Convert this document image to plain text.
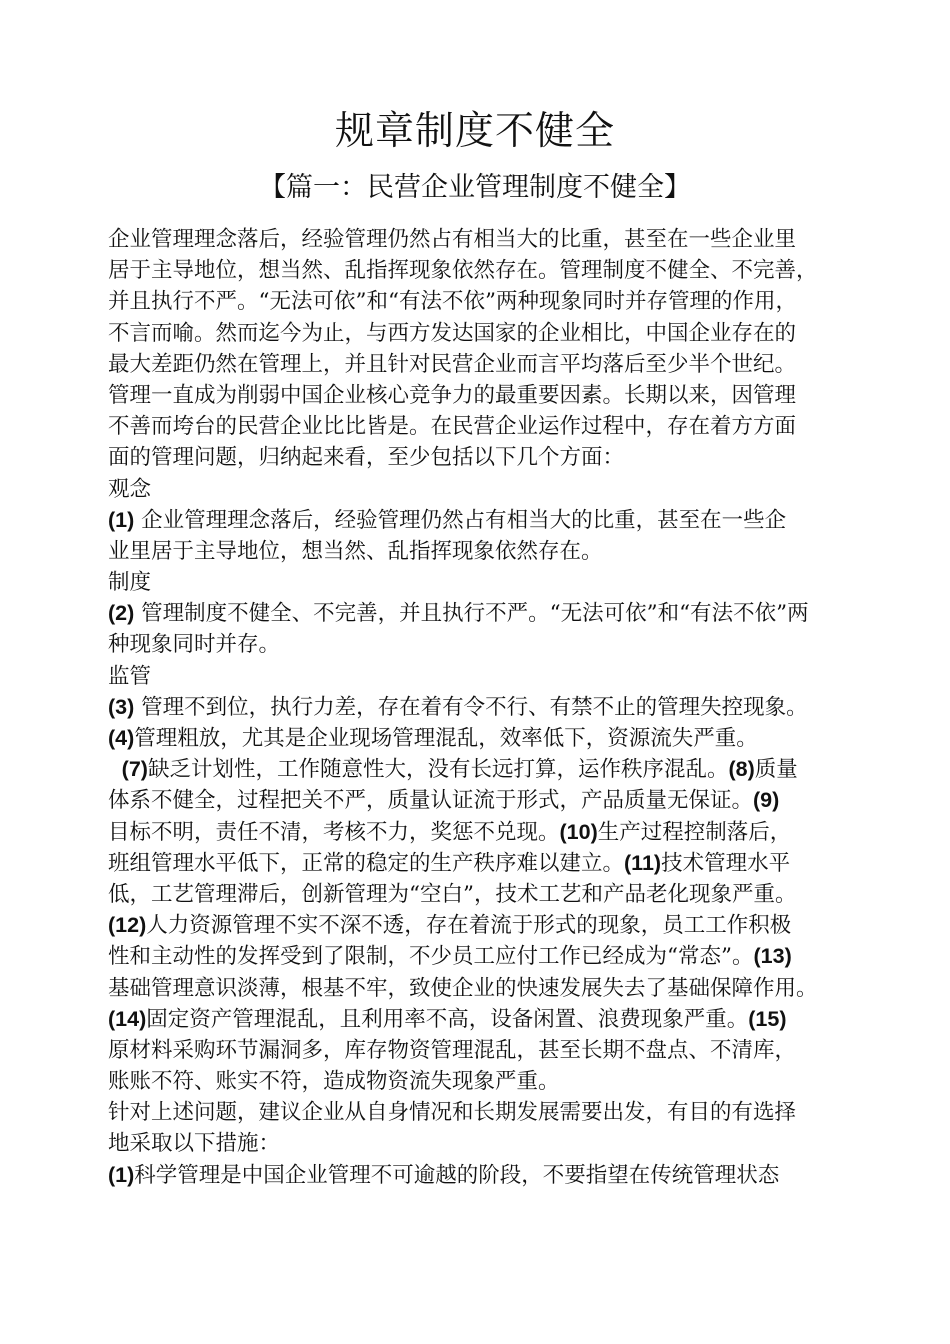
规章制度不健全
【篇一：民营企业管理制度不健全】
企业管理理念落后，经验管理仍然占有相当大的比重，甚至在一些企业里
居于主导地位，想当然、乱指挥现象依然存在。管理制度不健全、不完善，
并且执行不严。“无法可依”和“有法不依”两种现象同时并存管理的作用，
不言而喻。然而迄今为止，与西方发达国家的企业相比，中国企业存在的
最大差距仍然在管理上，并且针对民营企业而言平均落后至少半个世纪。
管理一直成为削弱中国企业核心竞争力的最重要因素。长期以来，因管理
不善而垮台的民营企业比比皆是。在民营企业运作过程中，存在着方方面
面的管理问题，归纳起来看，至少包括以下几个方面：
观念
(1) 企业管理理念落后，经验管理仍然占有相当大的比重，甚至在一些企
业里居于主导地位，想当然、乱指挥现象依然存在。
制度
(2) 管理制度不健全、不完善，并且执行不严。“无法可依”和“有法不依”两
种现象同时并存。
监管
(3) 管理不到位，执行力差，存在着有令不行、有禁不止的管理失控现象。
(4)管理粗放，尤其是企业现场管理混乱，效率低下，资源流失严重。
(7)缺乏计划性，工作随意性大，没有长远打算，运作秩序混乱。(8)质量
体系不健全，过程把关不严，质量认证流于形式，产品质量无保证。(9)
目标不明，责任不清，考核不力，奖惩不兑现。(10)生产过程控制落后，
班组管理水平低下，正常的稳定的生产秩序难以建立。(11)技术管理水平
低，工艺管理滞后，创新管理为“空白”，技术工艺和产品老化现象严重。
(12)人力资源管理不实不深不透，存在着流于形式的现象，员工工作积极
性和主动性的发挥受到了限制，不少员工应付工作已经成为“常态”。(13)
基础管理意识淡薄，根基不牢，致使企业的快速发展失去了基础保障作用。
(14)固定资产管理混乱，且利用率不高，设备闲置、浪费现象严重。(15)
原材料采购环节漏洞多，库存物资管理混乱，甚至长期不盘点、不清库，
账账不符、账实不符，造成物资流失现象严重。
针对上述问题，建议企业从自身情况和长期发展需要出发，有目的有选择
地采取以下措施：
(1)科学管理是中国企业管理不可逾越的阶段，不要指望在传统管理状态
